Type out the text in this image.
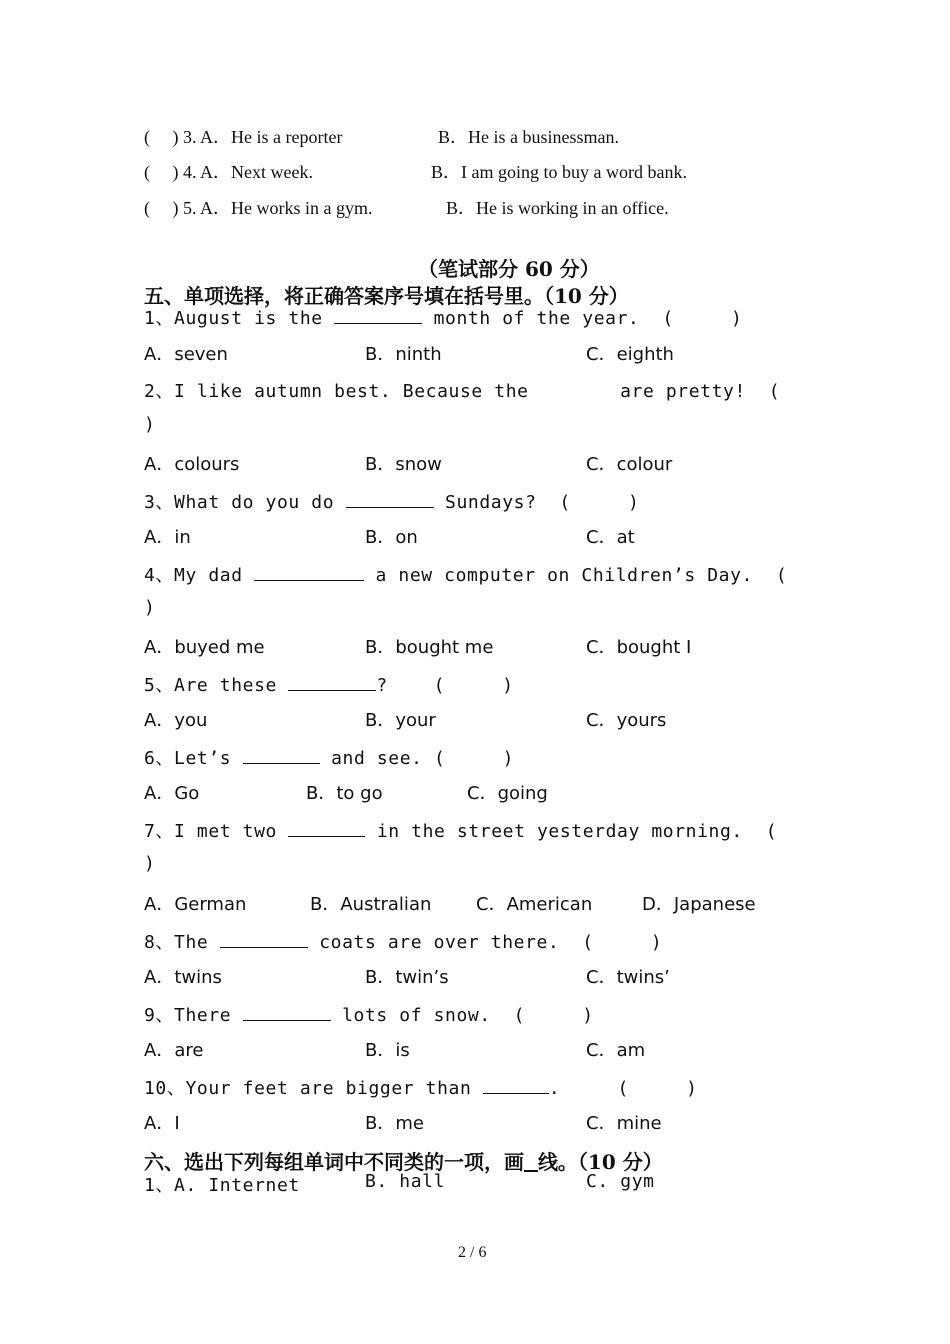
( ) 3. A．He is a reporter	B．He is a businessman.
( ) 4. A．Next week.	B．I am going to buy a word bank.
( ) 5. A．He works in a gym.	B．He is working in an office.
（笔试部分 60 分）
五、单项选择，将正确答案序号填在括号里。（10 分）
1、August is the	month of the year.  (     )
A．seven	B．ninth	C．eighth
2、I like autumn best. Because the        are pretty!  (
)
A．colours	B．snow	C．colour
3、What do you do	Sundays?  (     )
A．in	B．on	C．at
4、My dad	a new computer on Children’s Day.  (
)
A．buyed me	B．bought me	C．bought I
5、Are these	?    (     )
A．you	B．your	C．yours
6、Let’s	and see. (     )
A．Go	B．to go	C．going
7、I met two	in the street yesterday morning.  (
)
A．German	B．Australian C．American	D．Japanese
8、The	coats are over there.  (     )
A．twins	B．twin’s	C．twins’
9、There	lots of snow.  (     )
A．are	B．is	C．am
10、Your feet are bigger than	.     (     )
A．I	B．me	C．mine
六、选出下列每组单词中不同类的一项，画 线。（10 分）
1、A. Internet	B. hall	C. gym
2 / 6
